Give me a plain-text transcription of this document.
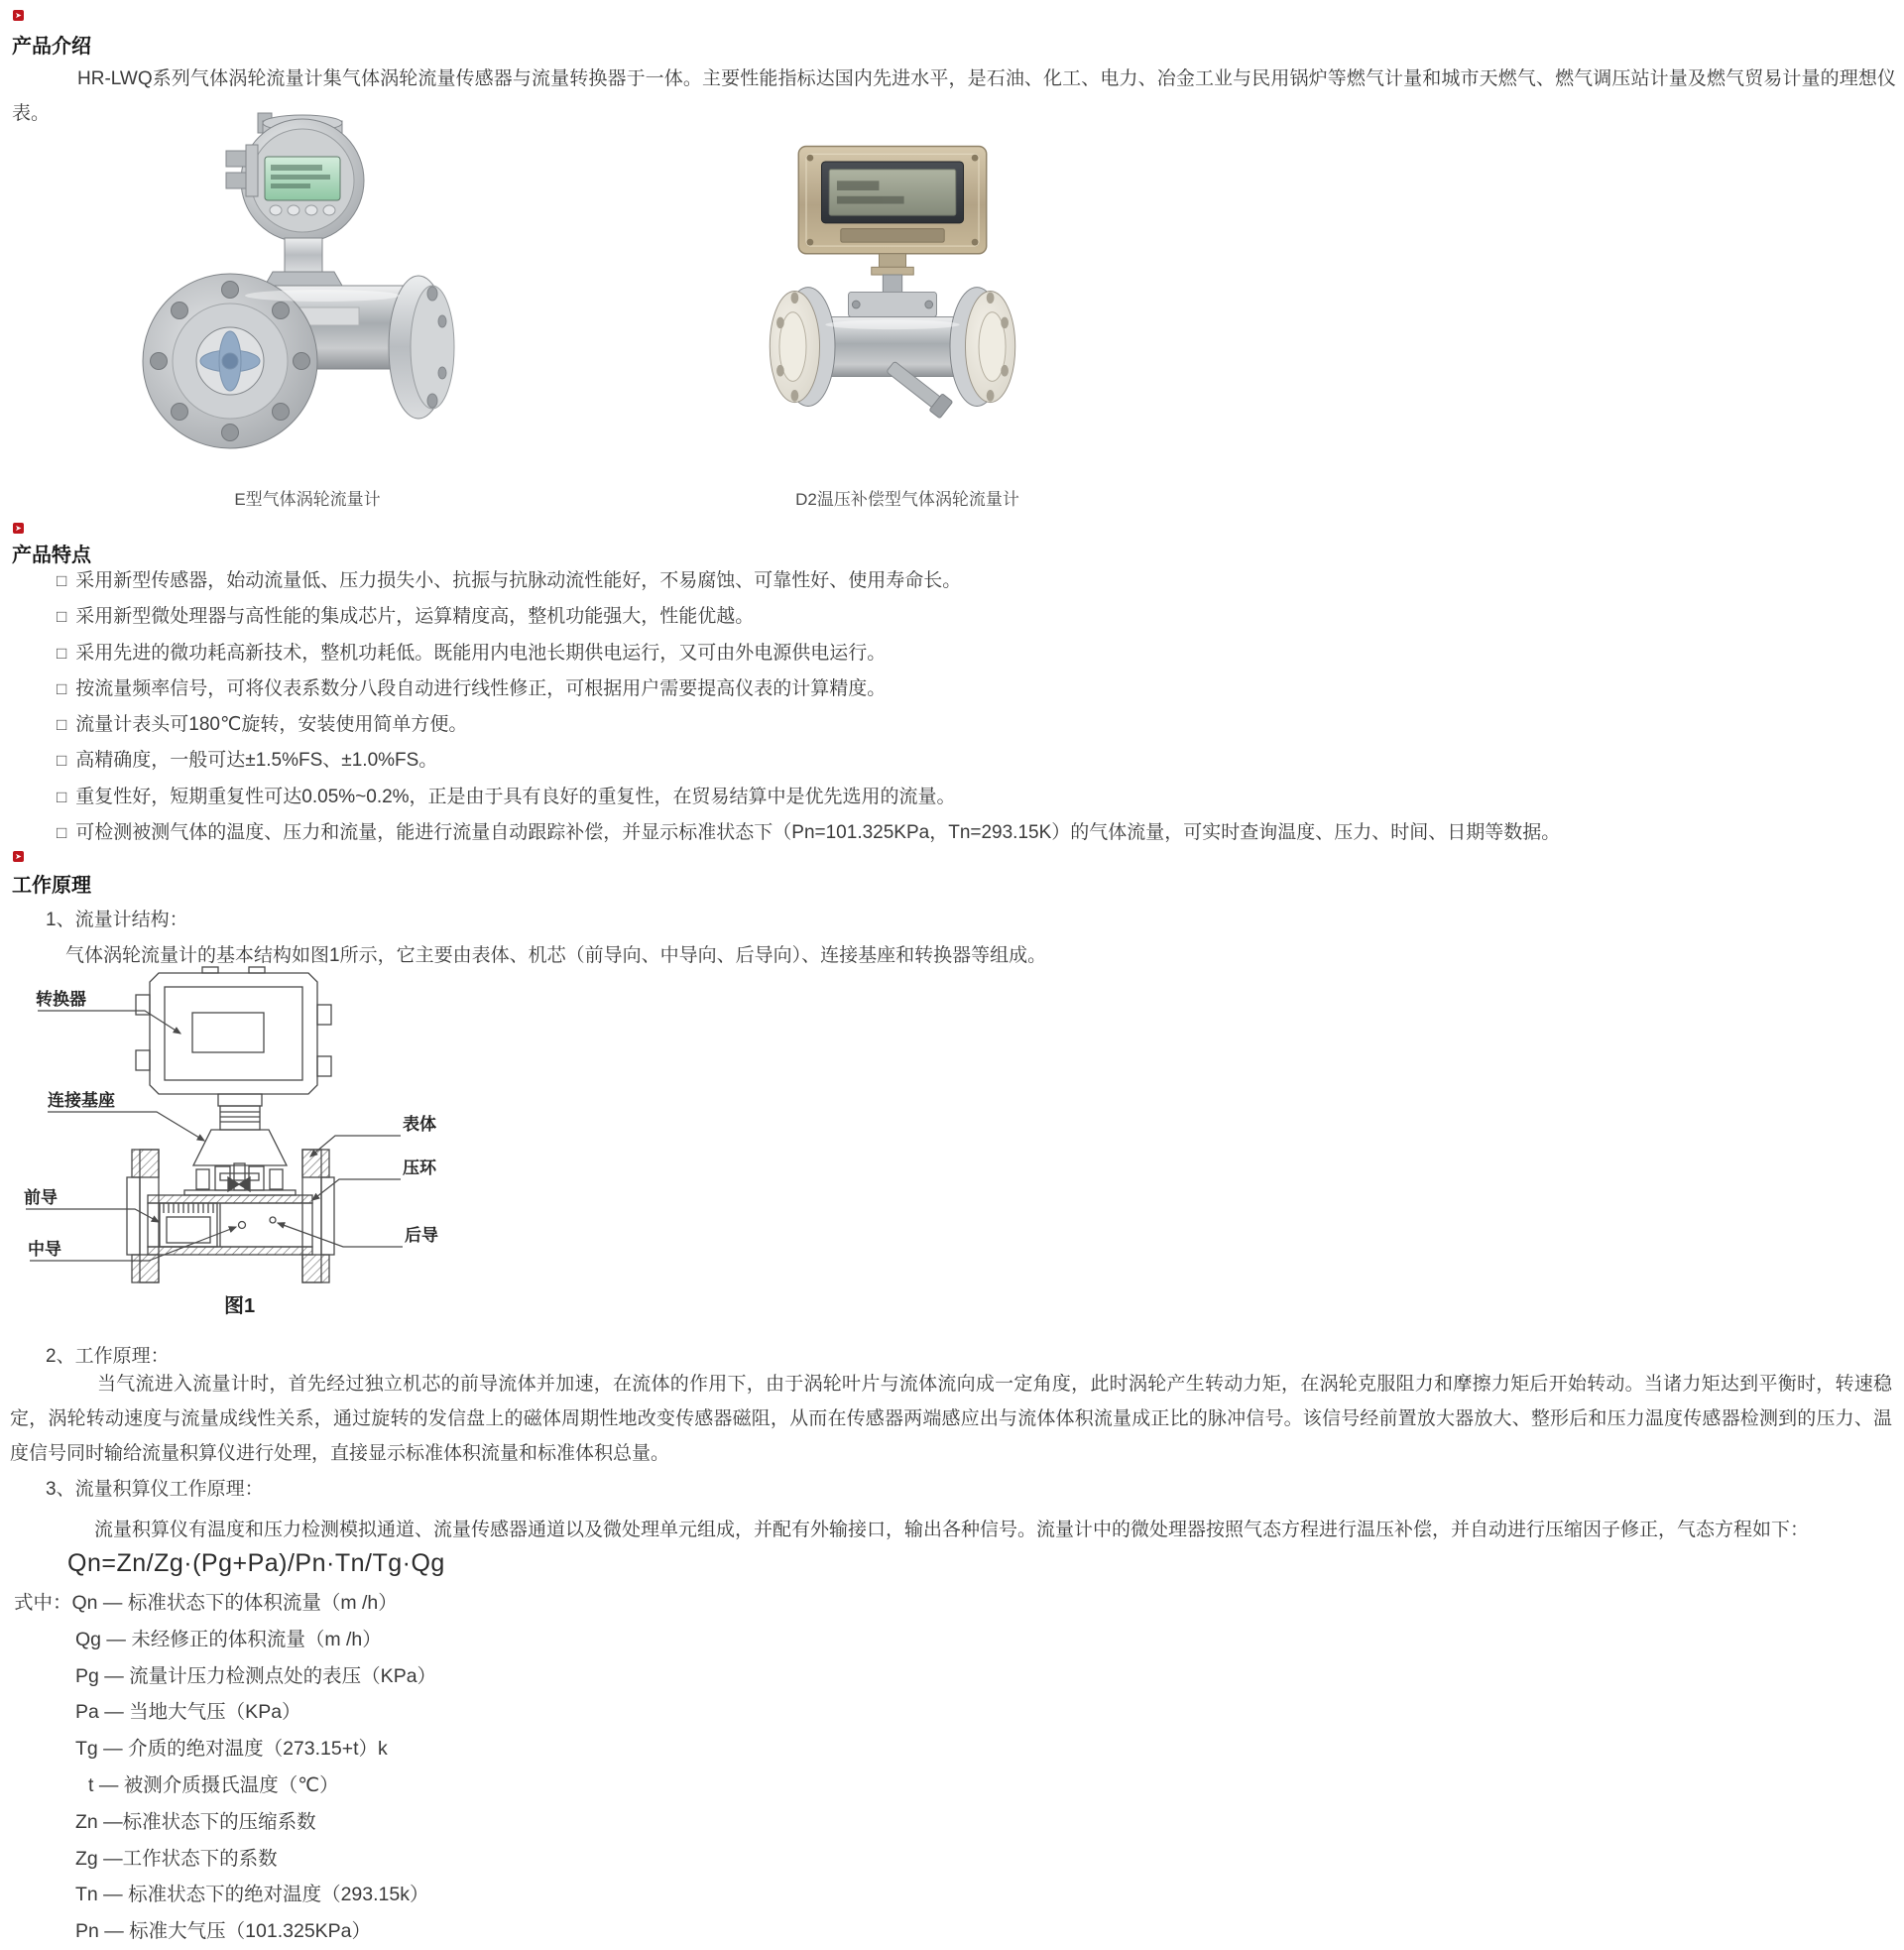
➤
产品介绍
HR-LWQ系列气体涡轮流量计集气体涡轮流量传感器与流量转换器于一体。主要性能指标达国内先进水平，是石油、化工、电力、冶金工业与民用锅炉等燃气计量和城市天燃气、燃气调压站计量及燃气贸易计量的理想仪表。
E型气体涡轮流量计	D2温压补偿型气体涡轮流量计
➤
产品特点
□ 采用新型传感器，始动流量低、压力损失小、抗振与抗脉动流性能好，不易腐蚀、可靠性好、使用寿命长。
□ 采用新型微处理器与高性能的集成芯片，运算精度高，整机功能强大，性能优越。
□ 采用先进的微功耗高新技术，整机功耗低。既能用内电池长期供电运行，又可由外电源供电运行。
□ 按流量频率信号，可将仪表系数分八段自动进行线性修正，可根据用户需要提高仪表的计算精度。
□ 流量计表头可180℃旋转，安装使用简单方便。
□ 高精确度，一般可达±1.5%FS、±1.0%FS。
□ 重复性好，短期重复性可达0.05%~0.2%，正是由于具有良好的重复性，在贸易结算中是优先选用的流量。
□ 可检测被测气体的温度、压力和流量，能进行流量自动跟踪补偿，并显示标准状态下（Pn=101.325KPa，Tn=293.15K）的气体流量，可实时查询温度、压力、时间、日期等数据。
➤
工作原理
1、流量计结构：
气体涡轮流量计的基本结构如图1所示，它主要由表体、机芯（前导向、中导向、后导向）、连接基座和转换器等组成。
转换器
连接基座
表体
压环
前导
中导
后导
图1
2、工作原理：
当气流进入流量计时，首先经过独立机芯的前导流体并加速，在流体的作用下，由于涡轮叶片与流体流向成一定角度，此时涡轮产生转动力矩，在涡轮克服阻力和摩擦力矩后开始转动。当诸力矩达到平衡时，转速稳定，涡轮转动速度与流量成线性关系，通过旋转的发信盘上的磁体周期性地改变传感器磁阻，从而在传感器两端感应出与流体体积流量成正比的脉冲信号。该信号经前置放大器放大、整形后和压力温度传感器检测到的压力、温度信号同时输给流量积算仪进行处理，直接显示标准体积流量和标准体积总量。
3、流量积算仪工作原理：
流量积算仪有温度和压力检测模拟通道、流量传感器通道以及微处理单元组成，并配有外输接口，输出各种信号。流量计中的微处理器按照气态方程进行温压补偿，并自动进行压缩因子修正，气态方程如下：
Qn=Zn/Zg·(Pg+Pa)/Pn·Tn/Tg·Qg
式中：Qn — 标准状态下的体积流量（m /h）
Qg — 未经修正的体积流量（m /h）
Pg — 流量计压力检测点处的表压（KPa）
Pa — 当地大气压（KPa）
Tg — 介质的绝对温度（273.15+t）k
t — 被测介质摄氏温度（℃）
Zn —标准状态下的压缩系数
Zg —工作状态下的系数
Tn — 标准状态下的绝对温度（293.15k）
Pn — 标准大气压（101.325KPa）
